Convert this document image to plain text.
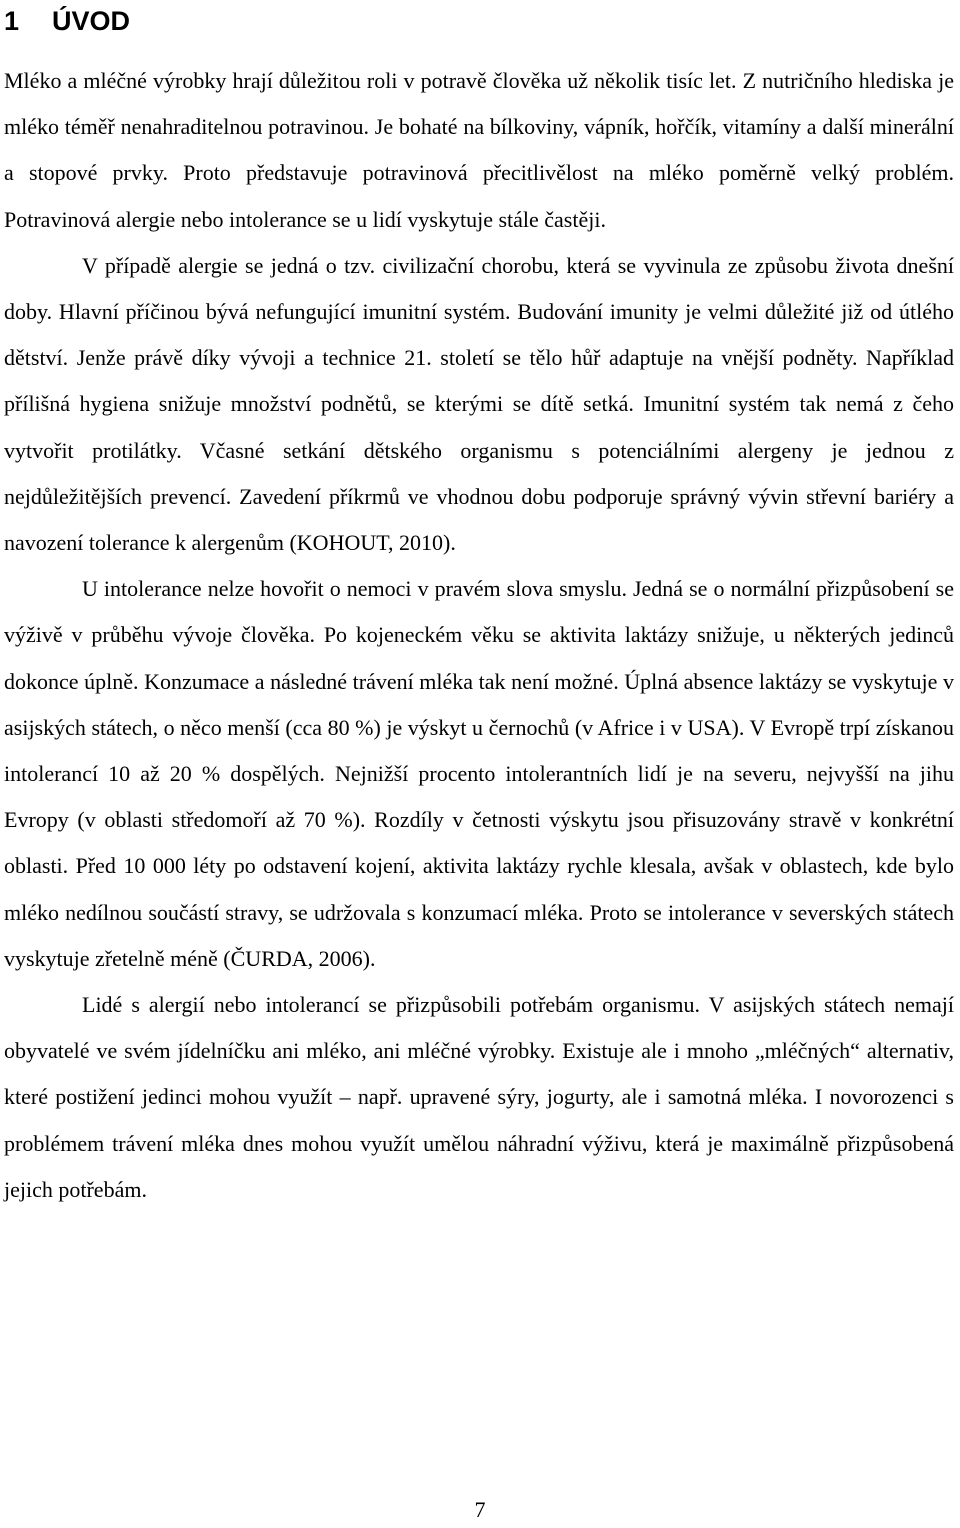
1 ÚVOD

Mléko a mléčné výrobky hrají důležitou roli v potravě člověka už několik tisíc let. Z nutričního hlediska je mléko téměř nenahraditelnou potravinou. Je bohaté na bílkoviny, vápník, hořčík, vitamíny a další minerální a stopové prvky. Proto představuje potravinová přecitlivělost na mléko poměrně velký problém. Potravinová alergie nebo intolerance se u lidí vyskytuje stále častěji.

V případě alergie se jedná o tzv. civilizační chorobu, která se vyvinula ze způsobu života dnešní doby. Hlavní příčinou bývá nefungující imunitní systém. Budování imunity je velmi důležité již od útlého dětství. Jenže právě díky vývoji a technice 21. století se tělo hůř adaptuje na vnější podněty. Například přílišná hygiena snižuje množství podnětů, se kterými se dítě setká. Imunitní systém tak nemá z čeho vytvořit protilátky. Včasné setkání dětského organismu s potenciálními alergeny je jednou z nejdůležitějších prevencí. Zavedení příkrmů ve vhodnou dobu podporuje správný vývin střevní bariéry a navození tolerance k alergenům (KOHOUT, 2010).

U intolerance nelze hovořit o nemoci v pravém slova smyslu. Jedná se o normální přizpůsobení se výživě v průběhu vývoje člověka. Po kojeneckém věku se aktivita laktázy snižuje, u některých jedinců dokonce úplně. Konzumace a následné trávení mléka tak není možné. Úplná absence laktázy se vyskytuje v asijských státech, o něco menší (cca 80 %) je výskyt u černochů (v Africe i v USA). V Evropě trpí získanou intolerancí 10 až 20 % dospělých. Nejnižší procento intolerantních lidí je na severu, nejvyšší na jihu Evropy (v oblasti středomoří až 70 %). Rozdíly v četnosti výskytu jsou přisuzovány stravě v konkrétní oblasti. Před 10 000 léty po odstavení kojení, aktivita laktázy rychle klesala, avšak v oblastech, kde bylo mléko nedílnou součástí stravy, se udržovala s konzumací mléka. Proto se intolerance v severských státech vyskytuje zřetelně méně (ČURDA, 2006).

Lidé s alergií nebo intolerancí se přizpůsobili potřebám organismu. V asijských státech nemají obyvatelé ve svém jídelníčku ani mléko, ani mléčné výrobky. Existuje ale i mnoho „mléčných“ alternativ, které postižení jedinci mohou využít – např. upravené sýry, jogurty, ale i samotná mléka. I novorozenci s problémem trávení mléka dnes mohou využít umělou náhradní výživu, která je maximálně přizpůsobená jejich potřebám.

7
